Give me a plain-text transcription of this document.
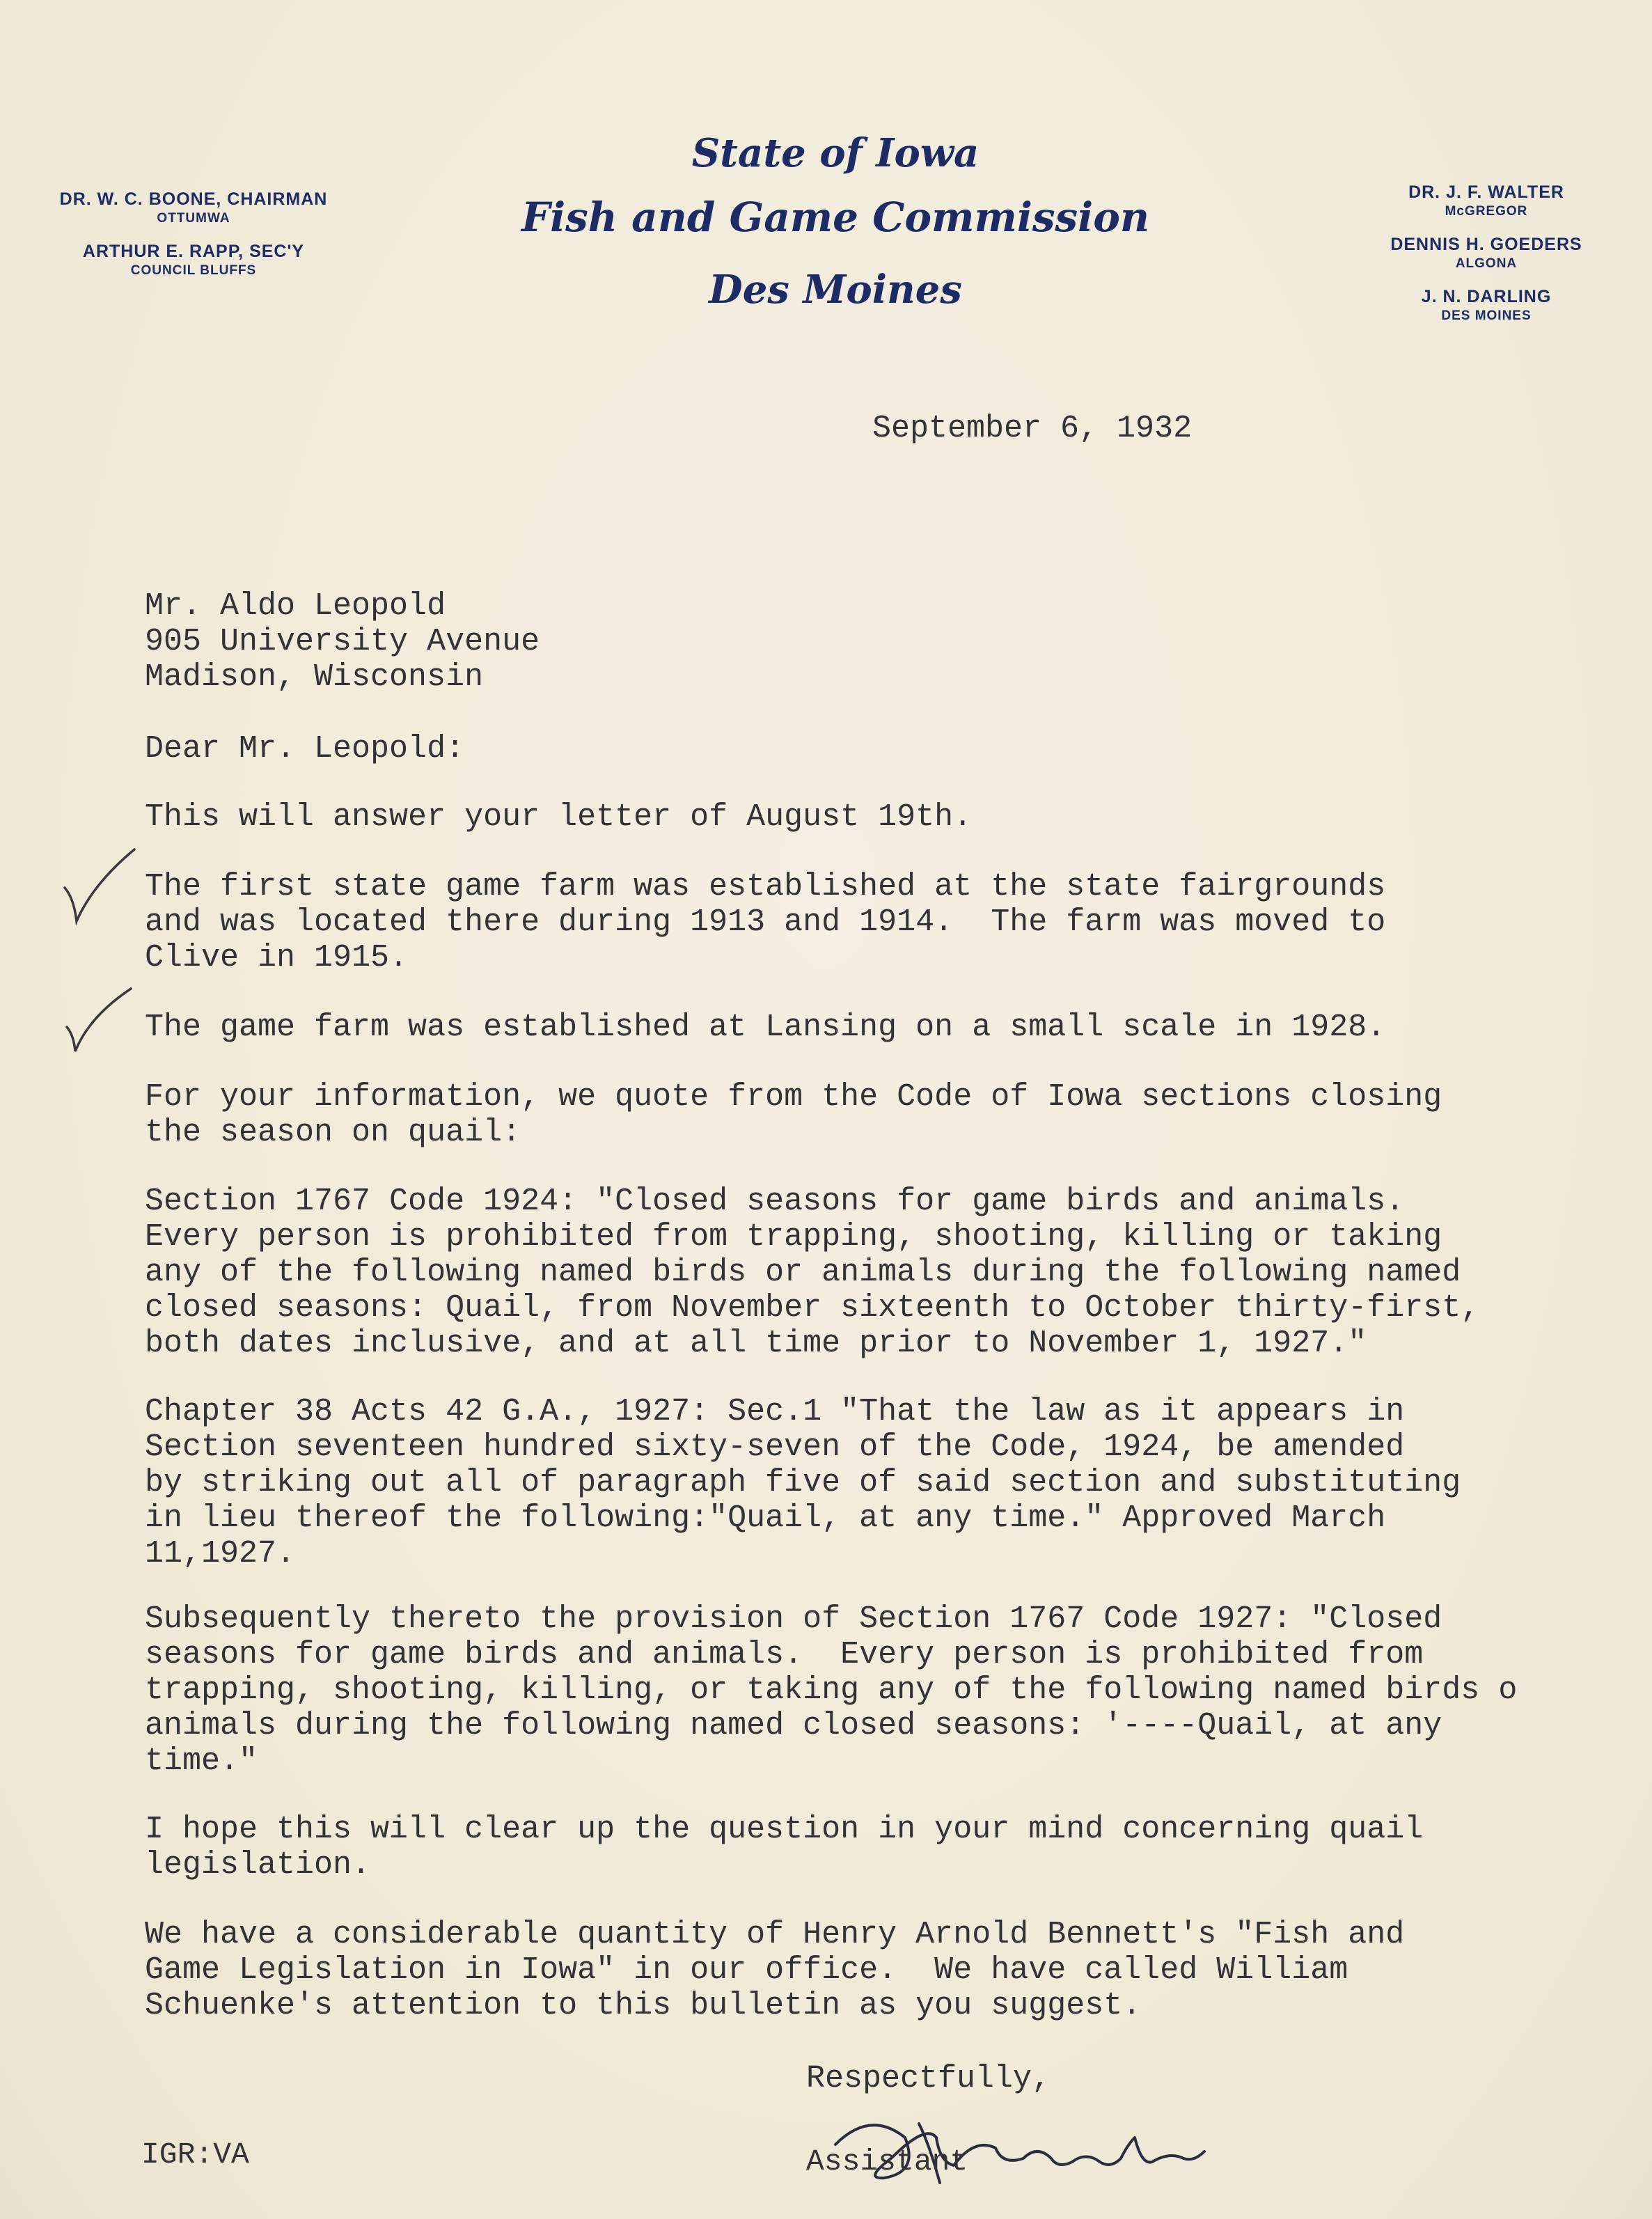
DR. W. C. BOONE, CHAIRMAN
OTTUMWA
ARTHUR E. RAPP, SEC'Y
COUNCIL BLUFFS
State of Iowa
Fish and Game Commission
Des Moines
DR. J. F. WALTER
McGREGOR
DENNIS H. GOEDERS
ALGONA
J. N. DARLING
DES MOINES
September 6, 1932
Mr. Aldo Leopold
905 University Avenue
Madison, Wisconsin
Dear Mr. Leopold:
This will answer your letter of August 19th.
The first state game farm was established at the state fairgrounds
and was located there during 1913 and 1914.  The farm was moved to
Clive in 1915.
The game farm was established at Lansing on a small scale in 1928.
For your information, we quote from the Code of Iowa sections closing
the season on quail:
Section 1767 Code 1924: "Closed seasons for game birds and animals.
Every person is prohibited from trapping, shooting, killing or taking
any of the following named birds or animals during the following named
closed seasons: Quail, from November sixteenth to October thirty-first,
both dates inclusive, and at all time prior to November 1, 1927."
Chapter 38 Acts 42 G.A., 1927: Sec.1 "That the law as it appears in
Section seventeen hundred sixty-seven of the Code, 1924, be amended
by striking out all of paragraph five of said section and substituting
in lieu thereof the following:"Quail, at any time." Approved March
11,1927.
Subsequently thereto the provision of Section 1767 Code 1927: "Closed
seasons for game birds and animals.  Every person is prohibited from
trapping, shooting, killing, or taking any of the following named birds o
animals during the following named closed seasons: '----Quail, at any
time."
I hope this will clear up the question in your mind concerning quail
legislation.
We have a considerable quantity of Henry Arnold Bennett's "Fish and
Game Legislation in Iowa" in our office.  We have called William
Schuenke's attention to this bulletin as you suggest.
Respectfully,
Assistant
IGR:VA
